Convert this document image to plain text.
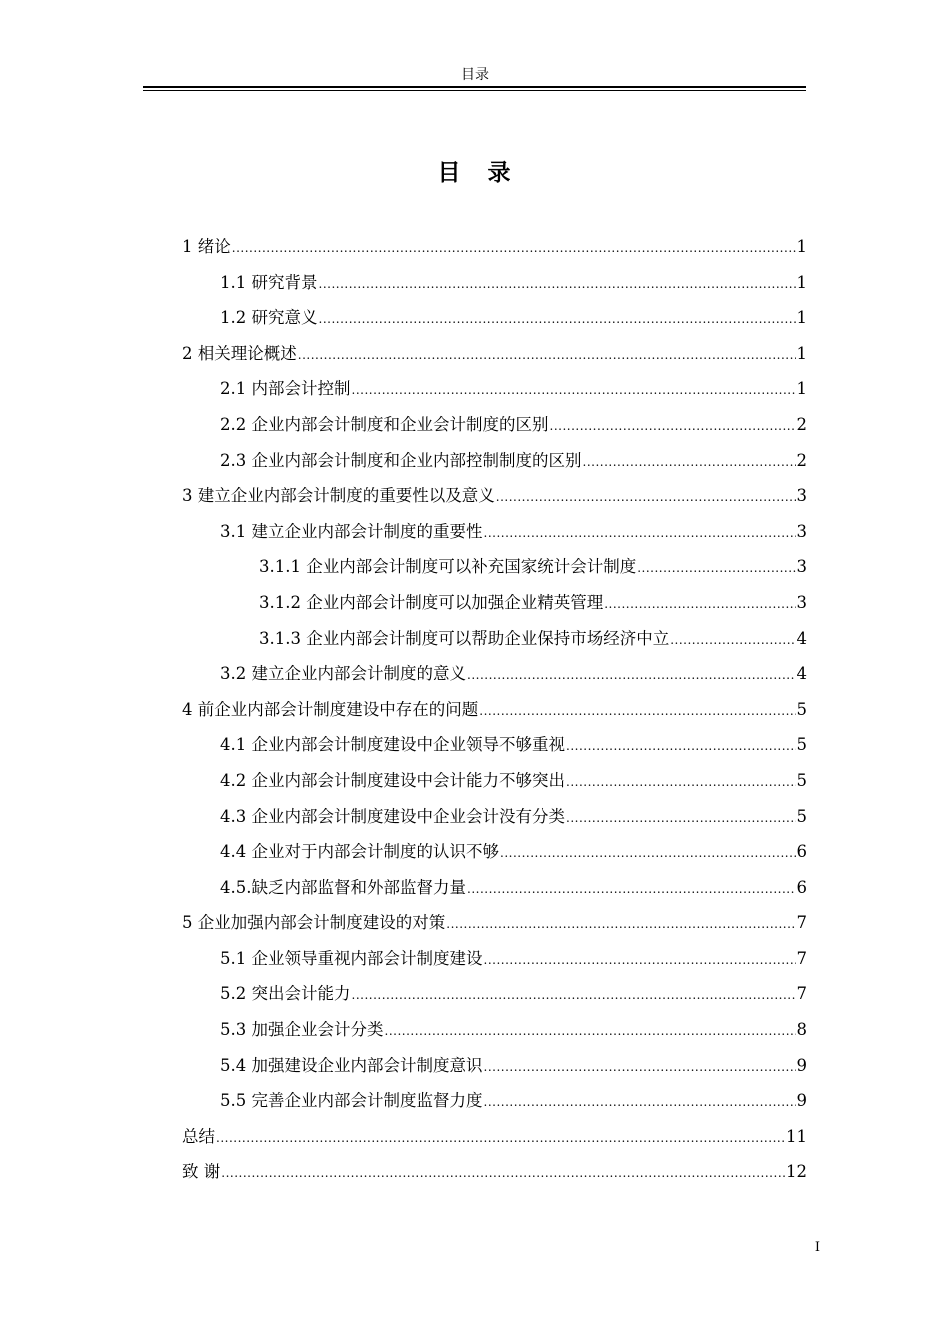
目录
目　录
1 绪论 .....	1
1.1 研究背景 .....	1
1.2 研究意义 .....	1
2 相关理论概述 .....	1
2.1 内部会计控制 .....	1
2.2 企业内部会计制度和企业会计制度的区别 .....	2
2.3 企业内部会计制度和企业内部控制制度的区别 .....	2
3 建立企业内部会计制度的重要性以及意义 .....	3
3.1 建立企业内部会计制度的重要性 .....	3
3.1.1 企业内部会计制度可以补充国家统计会计制度 .....	3
3.1.2 企业内部会计制度可以加强企业精英管理 .....	3
3.1.3 企业内部会计制度可以帮助企业保持市场经济中立 .....	4
3.2 建立企业内部会计制度的意义 .....	4
4 前企业内部会计制度建设中存在的问题 .....	5
4.1 企业内部会计制度建设中企业领导不够重视 .....	5
4.2 企业内部会计制度建设中会计能力不够突出 .....	5
4.3 企业内部会计制度建设中企业会计没有分类 .....	5
4.4 企业对于内部会计制度的认识不够 .....	6
4.5.缺乏内部监督和外部监督力量 .....	6
5 企业加强内部会计制度建设的对策 .....	7
5.1 企业领导重视内部会计制度建设 .....	7
5.2 突出会计能力 .....	7
5.3 加强企业会计分类 .....	8
5.4 加强建设企业内部会计制度意识 .....	9
5.5 完善企业内部会计制度监督力度 .....	9
总结 .....	11
致 谢 .....	12
I
